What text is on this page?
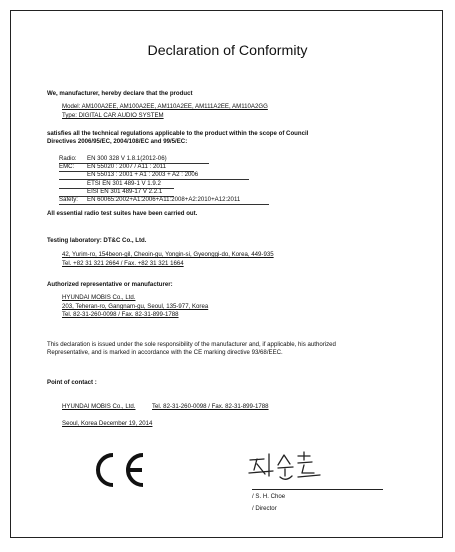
Declaration of Conformity
We, manufacturer, hereby declare that the product
Model: AM100A2EE, AM100A2EE, AM110A2EE, AM111A2EE, AM110A2GG
Type: DIGITAL CAR AUDIO SYSTEM
satisfies all the technical regulations applicable to the product within the scope of Council
Directives 2006/95/EC, 2004/108/EC and 99/5/EC:
Radio: EN 300 328 V 1.8.1(2012-06)
EMC: EN 55020 : 2007 / A11 : 2011
EN 55013 : 2001 + A1 : 2003 + A2 : 2006
ETSI EN 301 489-1 V 1.9.2
EISI EN 301 489-17 V 2.2.1
Safety: EN 60065:2002+A1:2006+A11:2008+A2:2010+A12:2011
All essential radio test suites have been carried out.
Testing laboratory: DT&C Co., Ltd.
42, Yurim-ro, 154beon-gil, Cheoin-gu, Yongin-si, Gyeonggi-do, Korea, 449-935
Tel. +82 31 321 2664 / Fax. +82 31 321 1664
Authorized representative or manufacturer:
HYUNDAI MOBIS Co., Ltd.
203, Teheran-ro, Gangnam-gu, Seoul, 135-977, Korea
Tel. 82-31-260-0098 / Fax. 82-31-899-1788
This declaration is issued under the sole responsibility of the manufacturer and, if applicable, his authorized
Representative, and is marked in accordance with the CE marking directive 93/68/EEC.
Point of contact :
HYUNDAI MOBIS Co., Ltd.	Tel. 82-31-260-0098 / Fax. 82-31-899-1788
Seoul, Korea December 19, 2014
/ S. H. Choe
/ Director
